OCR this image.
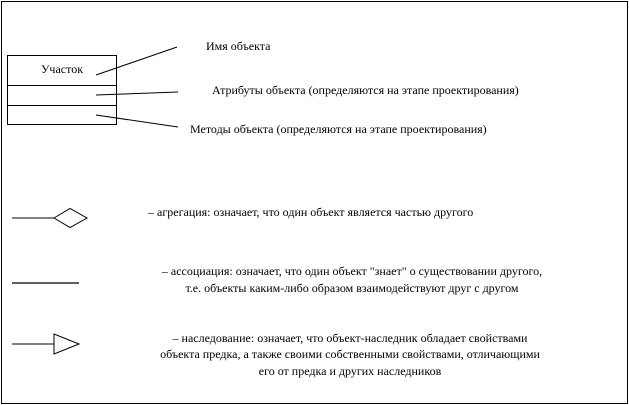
Участок
Имя объекта
Атрибуты объекта (определяются на этапе проектирования)
Методы объекта (определяются на этапе проектирования)
– агрегация: означает, что один объект является частью другого
– ассоциация: означает, что один объект "знает" о существовании другого,
т.е. объекты каким-либо образом взаимодействуют друг с другом
– наследование: означает, что объект-наследник обладает свойствами
объекта предка, а также своими собственными свойствами, отличающими
его от предка и других наследников
